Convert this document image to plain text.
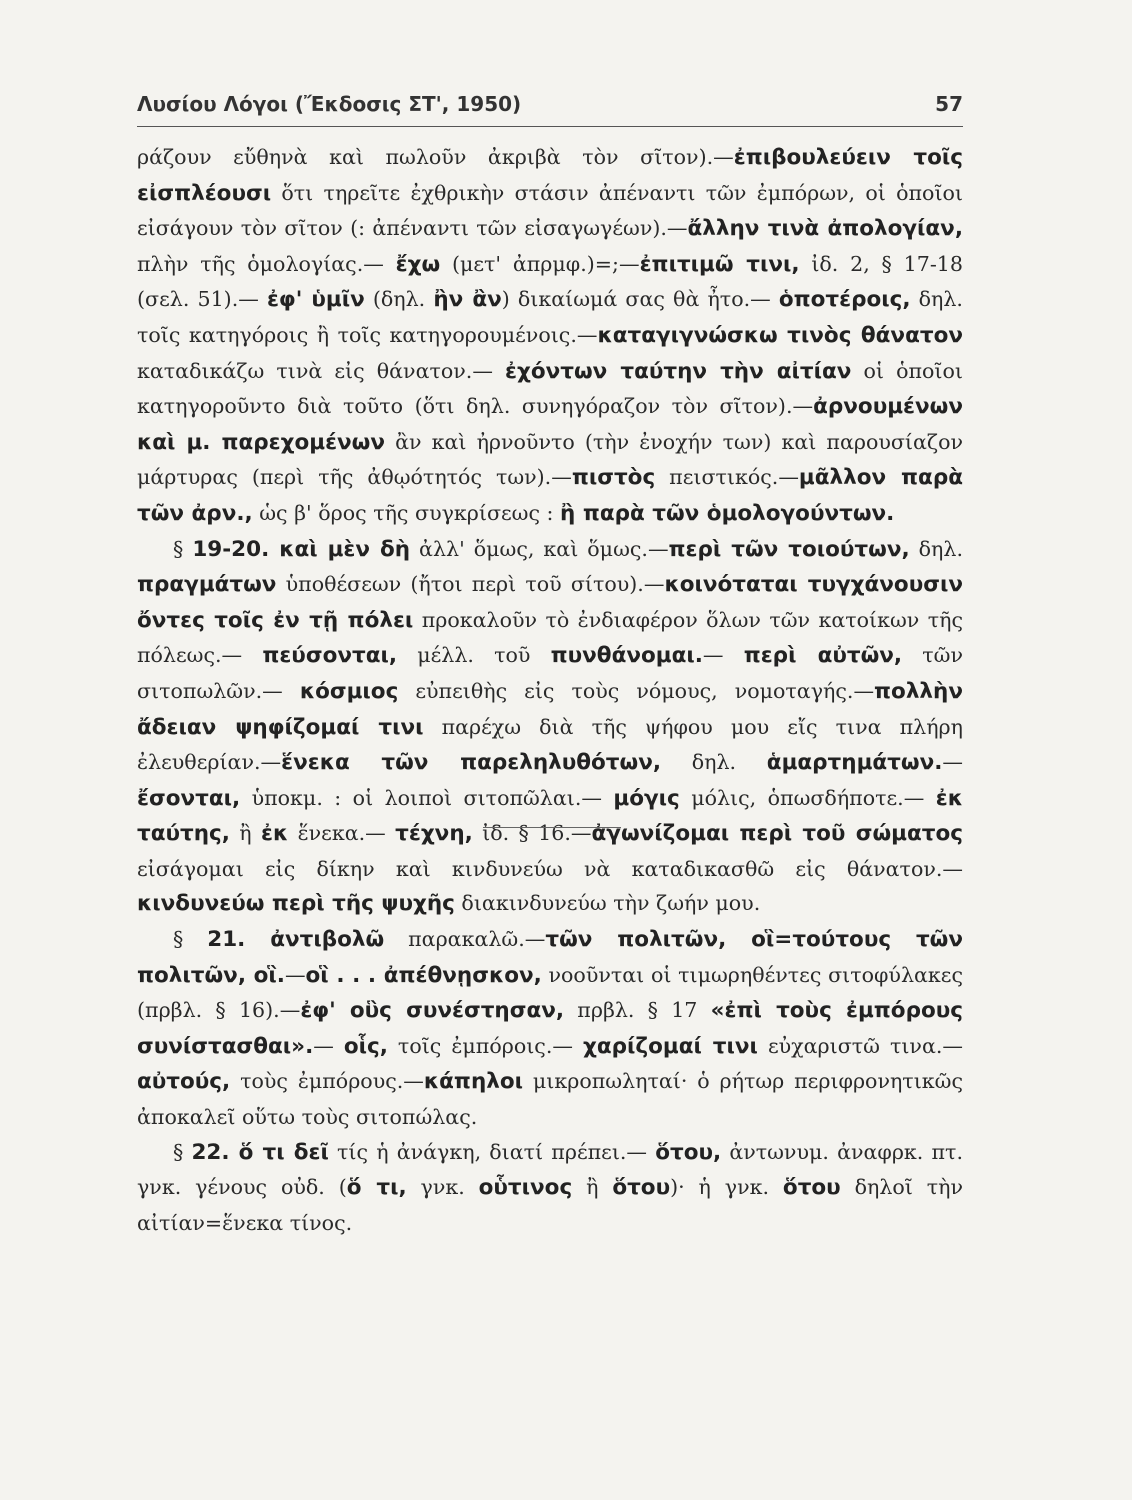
Λυσίου Λόγοι (Ἔκδοσις ΣΤ', 1950)	57

ράζουν εὔθηνὰ καὶ πωλοῦν ἀκριβὰ τὸν σῖτον).—ἐπιβουλεύειν τοῖς εἰσπλέουσι ὅτι τηρεῖτε ἐχθρικὴν στάσιν ἀπέναντι τῶν ἐμπόρων, οἱ ὁποῖοι εἰσάγουν τὸν σῖτον (: ἀπέναντι τῶν εἰσαγωγέων).—ἄλλην τινὰ ἀπολογίαν, πλὴν τῆς ὁμολογίας.— ἔχω (μετ' ἀπρμφ.)=;—ἐπιτιμῶ τινι, ἰδ. 2, § 17-18 (σελ. 51).— ἐφ' ὑμῖν (δηλ. ἢν ἂν) δικαίωμά σας θὰ ἦτο.— ὁποτέροις, δηλ. τοῖς κατηγόροις ἢ τοῖς κατηγορουμένοις.—καταγιγνώσκω τινὸς θάνατον καταδικάζω τινὰ εἰς θάνατον.— ἐχόντων ταύτην τὴν αἰτίαν οἱ ὁποῖοι κατηγοροῦντο διὰ τοῦτο (ὅτι δηλ. συνηγόραζον τὸν σῖτον).—ἀρνουμένων καὶ μ. παρεχομένων ἂν καὶ ἠρνοῦντο (τὴν ἐνοχήν των) καὶ παρουσίαζον μάρτυρας (περὶ τῆς ἀθῳότητός των).—πιστὸς πειστικός.—μᾶλλον παρὰ τῶν ἀρν., ὡς β' ὅρος τῆς συγκρίσεως : ἢ παρὰ τῶν ὁμολογούντων.

§ 19-20. καὶ μὲν δὴ ἀλλ' ὅμως, καὶ ὅμως.—περὶ τῶν τοιούτων, δηλ. πραγμάτων ὑποθέσεων (ἤτοι περὶ τοῦ σίτου).—κοινόταται τυγχάνουσιν ὄντες τοῖς ἐν τῇ πόλει προκαλοῦν τὸ ἐνδιαφέρον ὅλων τῶν κατοίκων τῆς πόλεως.— πεύσονται, μέλλ. τοῦ πυνθάνομαι.— περὶ αὐτῶν, τῶν σιτοπωλῶν.— κόσμιος εὐπειθὴς εἰς τοὺς νόμους, νομοταγής.—πολλὴν ἄδειαν ψηφίζομαί τινι παρέχω διὰ τῆς ψήφου μου εἴς τινα πλήρη ἐλευθερίαν.—ἕνεκα τῶν παρεληλυθότων, δηλ. ἁμαρτημάτων.—ἔσονται, ὑποκμ. : οἱ λοιποὶ σιτοπῶλαι.— μόγις μόλις, ὁπωσδήποτε.— ἐκ ταύτης, ἢ ἐκ ἕνεκα.— τέχνη, ἰδ. § 16.—ἀγωνίζομαι περὶ τοῦ σώματος εἰσάγομαι εἰς δίκην καὶ κινδυνεύω νὰ καταδικασθῶ εἰς θάνατον.—κινδυνεύω περὶ τῆς ψυχῆς διακινδυνεύω τὴν ζωήν μου.

§ 21. ἀντιβολῶ παρακαλῶ.—τῶν πολιτῶν, οἳ=τούτους τῶν πολιτῶν, οἳ.—οἳ . . . ἀπέθνῃσκον, νοοῦνται οἱ τιμωρηθέντες σιτοφύλακες (πρβλ. § 16).—ἐφ' οὓς συνέστησαν, πρβλ. § 17 «ἐπὶ τοὺς ἐμπόρους συνίστασθαι».— οἷς, τοῖς ἐμπόροις.— χαρίζομαί τινι εὐχαριστῶ τινα.—αὐτούς, τοὺς ἐμπόρους.—κάπηλοι μικροπωληταί· ὁ ρήτωρ περιφρονητικῶς ἀποκαλεῖ οὕτω τοὺς σιτοπώλας.

§ 22. ὅ τι δεῖ τίς ἡ ἀνάγκη, διατί πρέπει.— ὅτου, ἀντωνυμ. ἀναφρκ. πτ. γνκ. γένους οὐδ. (ὅ τι, γνκ. οὗτινος ἢ ὅτου)· ἡ γνκ. ὅτου δηλοῖ τὴν αἰτίαν=ἕνεκα τίνος.
